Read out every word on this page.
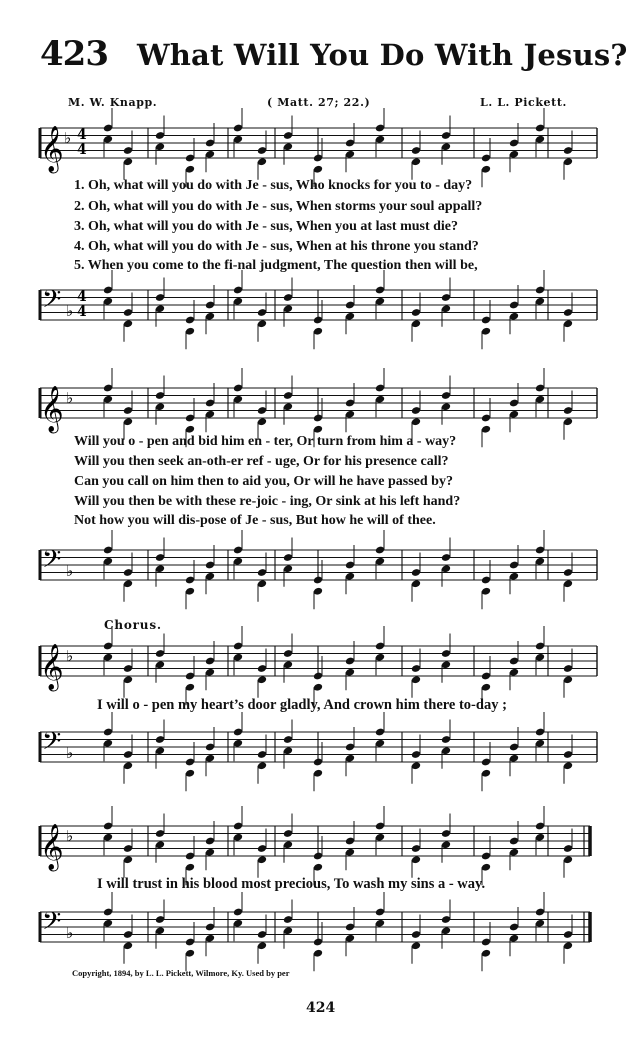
423 What Will You Do With Jesus?
M. W. Knapp.	( Matt. 27; 22.)	L. L. Pickett.
𝄞 ♭ 4
4
1. Oh, what will you do with Je - sus, Who knocks for you to - day?
2. Oh, what will you do with Je - sus, When storms your soul appall?
3. Oh, what will you do with Je - sus, When you at last must die?
4. Oh, what will you do with Je - sus, When at his throne you stand?
5. When you come to the fi-nal judgment, The question then will be,
𝄢 ♭
4
4
𝄞 ♭
Will you o - pen and bid him en - ter, Or turn from him a - way?
Will you then seek an-oth-er ref - uge, Or for his presence call?
Can you call on him then to aid you, Or will he have passed by?
Will you then be with these re-joic - ing, Or sink at his left hand?
Not how you will dis-pose of Je - sus, But how he will of thee.
𝄢 ♭
Chorus.
𝄞 ♭
I will o - pen my heart’s door gladly, And crown him there to-day ;
𝄢 ♭
𝄞 ♭
I will trust in his blood most precious, To wash my sins a - way.
𝄢 ♭
Copyright, 1894, by L. L. Pickett, Wilmore, Ky. Used by per
424
